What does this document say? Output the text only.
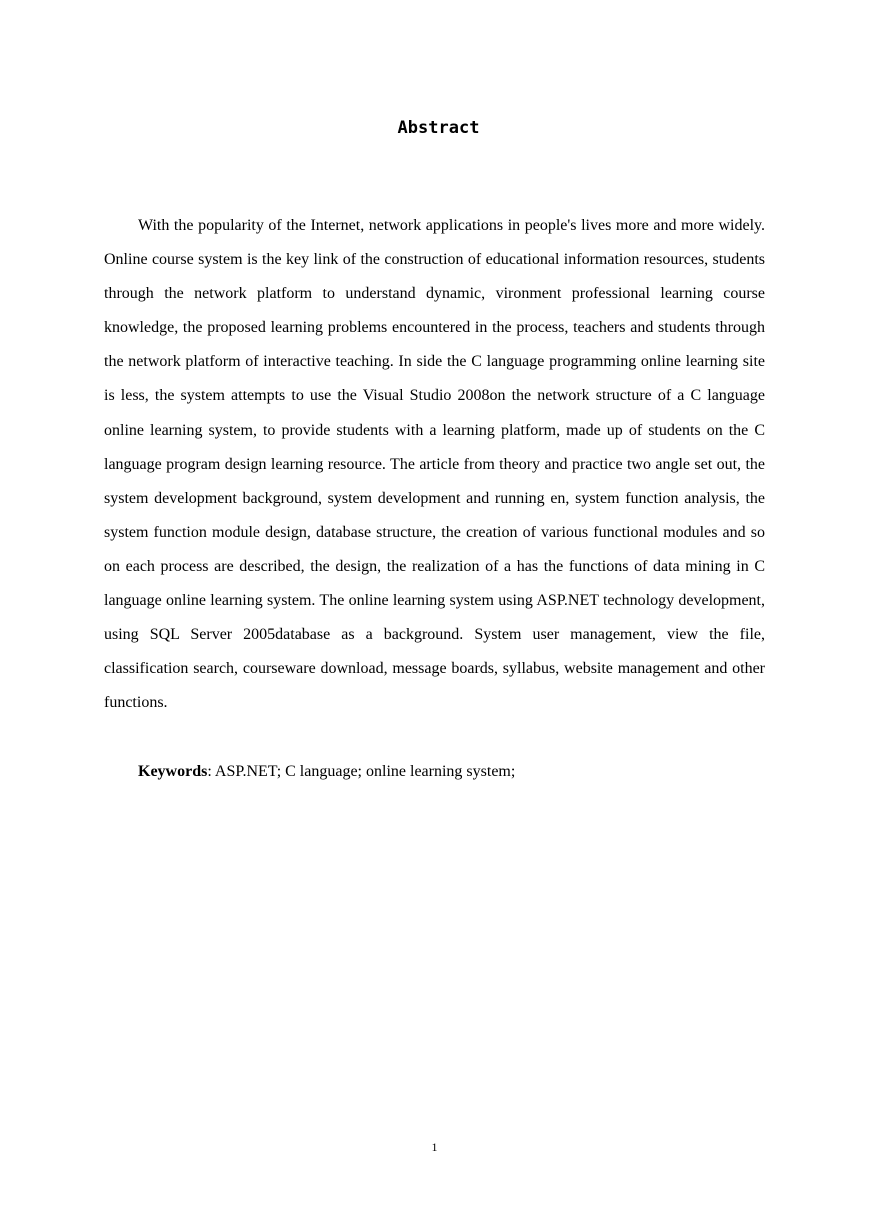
Abstract

With the popularity of the Internet, network applications in people's lives more and more widely. Online course system is the key link of the construction of educational information resources, students through the network platform to understand dynamic, vironment professional learning course knowledge, the proposed learning problems encountered in the process, teachers and students through the network platform of interactive teaching. In side the C language programming online learning site is less, the system attempts to use the Visual Studio 2008on the network structure of a C language online learning system, to provide students with a learning platform, made up of students on the C language program design learning resource. The article from theory and practice two angle set out, the system development background, system development and running en, system function analysis, the system function module design, database structure, the creation of various functional modules and so on each process are described, the design, the realization of a has the functions of data mining in C language online learning system. The online learning system using ASP.NET technology development, using SQL Server 2005database as a background. System user management, view the file, classification search, courseware download, message boards, syllabus, website management and other functions.

Keywords: ASP.NET; C language; online learning system;

1
